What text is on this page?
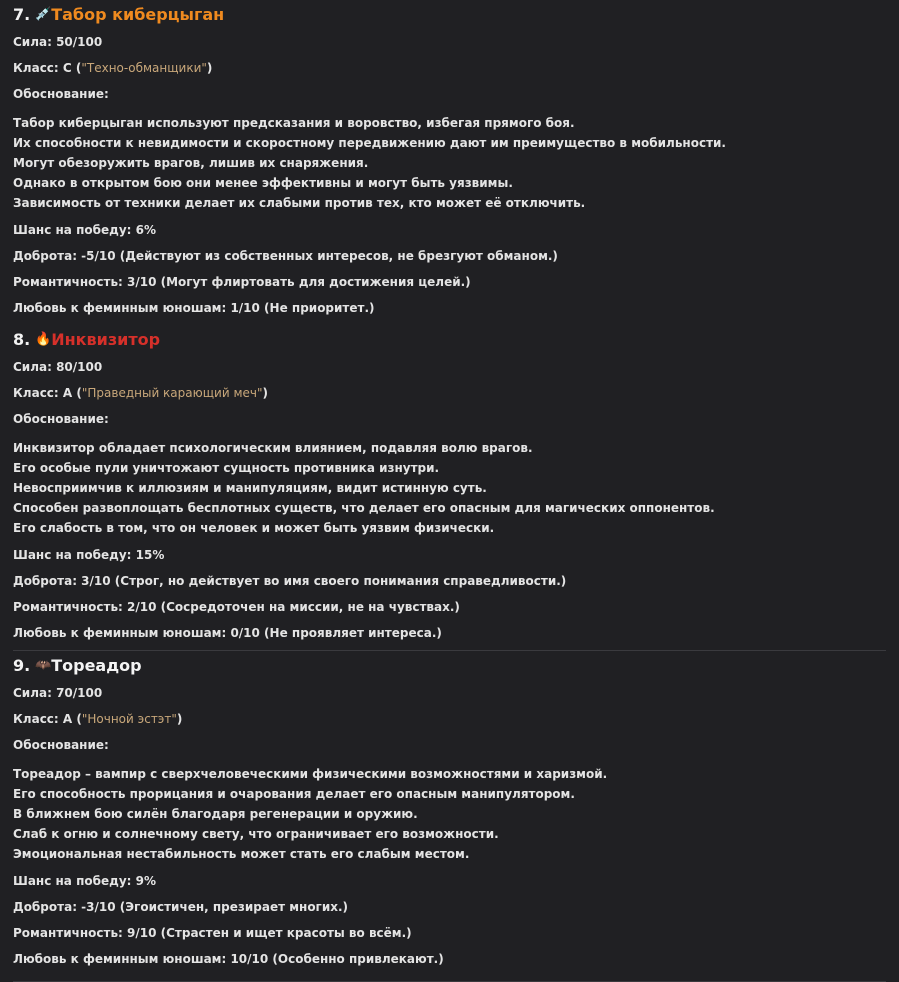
7. 💉 Табор киберцыган
Сила: 50/100
Класс: C ("Техно-обманщики")
Обоснование:
Табор киберцыган используют предсказания и воровство, избегая прямого боя.
Их способности к невидимости и скоростному передвижению дают им преимущество в мобильности.
Могут обезоружить врагов, лишив их снаряжения.
Однако в открытом бою они менее эффективны и могут быть уязвимы.
Зависимость от техники делает их слабыми против тех, кто может её отключить.
Шанс на победу: 6%
Доброта: -5/10 (Действуют из собственных интересов, не брезгуют обманом.)
Романтичность: 3/10 (Могут флиртовать для достижения целей.)
Любовь к феминным юношам: 1/10 (Не приоритет.)
8. 🔥 Инквизитор
Сила: 80/100
Класс: A ("Праведный карающий меч")
Обоснование:
Инквизитор обладает психологическим влиянием, подавляя волю врагов.
Его особые пули уничтожают сущность противника изнутри.
Невосприимчив к иллюзиям и манипуляциям, видит истинную суть.
Способен развоплощать бесплотных существ, что делает его опасным для магических оппонентов.
Его слабость в том, что он человек и может быть уязвим физически.
Шанс на победу: 15%
Доброта: 3/10 (Строг, но действует во имя своего понимания справедливости.)
Романтичность: 2/10 (Сосредоточен на миссии, не на чувствах.)
Любовь к феминным юношам: 0/10 (Не проявляет интереса.)
9. 🦇 Тореадор
Сила: 70/100
Класс: A ("Ночной эстэт")
Обоснование:
Тореадор – вампир с сверхчеловеческими физическими возможностями и харизмой.
Его способность прорицания и очарования делает его опасным манипулятором.
В ближнем бою силён благодаря регенерации и оружию.
Слаб к огню и солнечному свету, что ограничивает его возможности.
Эмоциональная нестабильность может стать его слабым местом.
Шанс на победу: 9%
Доброта: -3/10 (Эгоистичен, презирает многих.)
Романтичность: 9/10 (Страстен и ищет красоты во всём.)
Любовь к феминным юношам: 10/10 (Особенно привлекают.)
